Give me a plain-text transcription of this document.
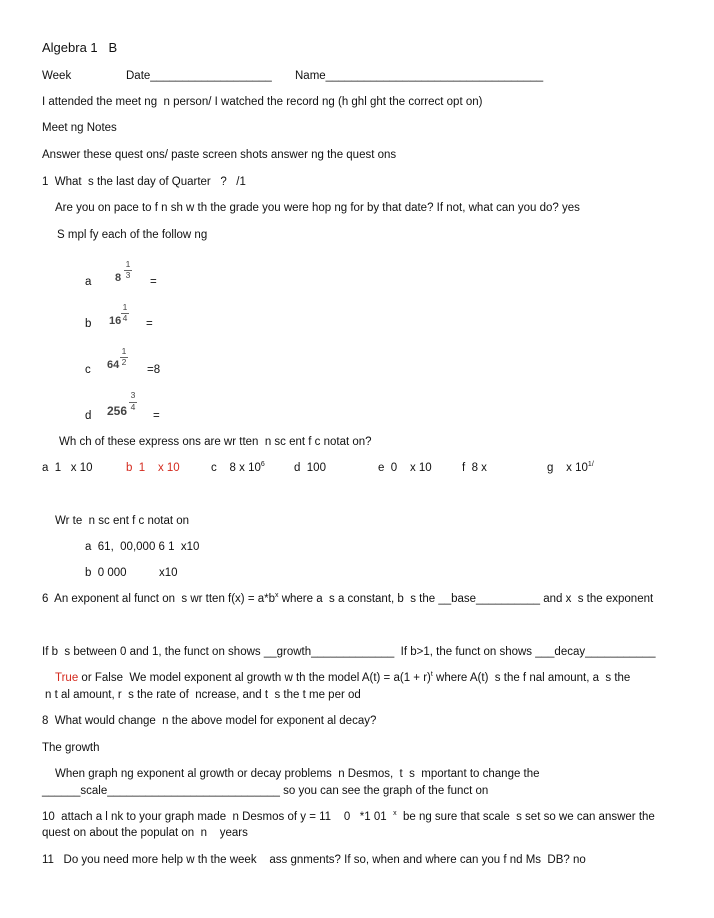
Algebra 1   B
Week	Date___________________ Name__________________________________
I attended the meet ng  n person/ I watched the record ng (h ghl ght the correct opt on)
Meet ng Notes
Answer these quest ons/ paste screen shots answer ng the quest ons
1  What  s the last day of Quarter   ?   /1
Are you on pace to f n sh w th the grade you were hop ng for by that date? If not, what can you do? yes
S mpl fy each of the follow ng
a 8
1
3
=
b 16
1
4 =
c 64
1
2
=8
d 256
3
4
=
Wh ch of these express ons are wr tten  n sc ent f c notat on?
a  1   x 10	b  1    x 10	c    8 x $10^6$	d  100	e  0    x 10	f  8 x	g    x $10^{1/}$
Wr te  n sc ent f c notat on
a  61,  00,000 6 1  x10
b  0 000	x10
6  An exponent al funct on  s wr tten $f(x) = a*b^x$ where a  s a constant, b  s the __base__________ and x  s the exponent
If b  s between 0 and 1, the funct on shows __growth_____________  If b>1, the funct on shows ___decay___________
True or False  We model exponent al growth w th the model $A(t) = a(1 + r)^t$ where A(t)  s the f nal amount, a  s the
n t al amount, r  s the rate of  ncrease, and t  s the t me per od
8  What would change  n the above model for exponent al decay?
The growth
When graph ng exponent al growth or decay problems  n Desmos,  t  s  mportant to change the
______scale___________________________ so you can see the graph of the funct on
10  attach a l nk to your graph made  n Desmos of y = 11    0   *1 01  $^x$  be ng sure that scale  s set so we can answer the
quest on about the populat on  n    years
11   Do you need more help w th the week    ass gnments? If so, when and where can you f nd Ms  DB? no
